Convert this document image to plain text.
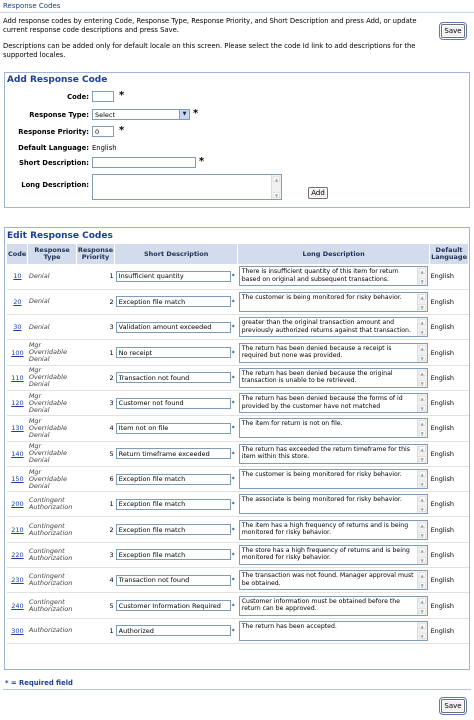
Response Codes

Add response codes by entering Code, Response Type, Response Priority, and Short Description and press Add, or update current response code descriptions and press Save.

Descriptions can be added only for default locale on this screen. Please select the code Id link to add descriptions for the supported locales.

Save
Add Response Code
Code:	*
Response Type: Select	▼ *
Response Priority:
0	*
Default Language: English
Short Description:	*
Long Description:
▲
▼	Add
Edit Response Codes
Code	Response Type	Response Priority	Short Description	Long Description	Default Language
10	Denial	1	Insufficient quantity*	There is insufficient quantity of this item for return based on original and subsequent transactions.
▲
▼	English
20	Denial	2	Exception file match*	The customer is being monitored for risky behavior. ▲
▼	English
30	Denial	3	Validation amount exceeded*	greater than the original transaction amount and previously authorized returns against that transaction.
▲
▼	English
100	Mgr Overridable Denial	1	No receipt*	The return has been denied because a receipt is required but none was provided.
▲
▼	English
110	Mgr Overridable Denial	2	Transaction not found*	The return has been denied because the original transaction is unable to be retrieved.
▲
▼	English
120	Mgr Overridable Denial	3	Customer not found*	The return has been denied because the forms of id provided by the customer have not matched
▲
▼	English
130	Mgr Overridable Denial	4	Item not on file*	The item for return is not on file. ▲
▼	English
140	Mgr Overridable Denial	5	Return timeframe exceeded*	The return has exceeded the return timeframe for this item within this store.
▲
▼	English
150	Mgr Overridable Denial	6	Exception file match*	The customer is being monitored for risky behavior. ▲
▼	English
200	Contingent Authorization	1	Exception file match*	The associate is being monitored for risky behavior. ▲
▼	English
210	Contingent Authorization	2	Exception file match*	The item has a high frequency of returns and is being monitored for risky behavior.
▲
▼	English
220	Contingent Authorization	3	Exception file match*	The store has a high frequency of returns and is being monitored for risky behavior.
▲
▼	English
230	Contingent Authorization	4	Transaction not found*	The transaction was not found. Manager approval must be obtained.
▲
▼	English
240	Contingent Authorization	5	Customer Information Required*	Customer information must be obtained before the return can be approved.
▲
▼	English
300	Authorization	1	Authorized*	The return has been accepted. ▲
▼	English
* = Required field
Save
